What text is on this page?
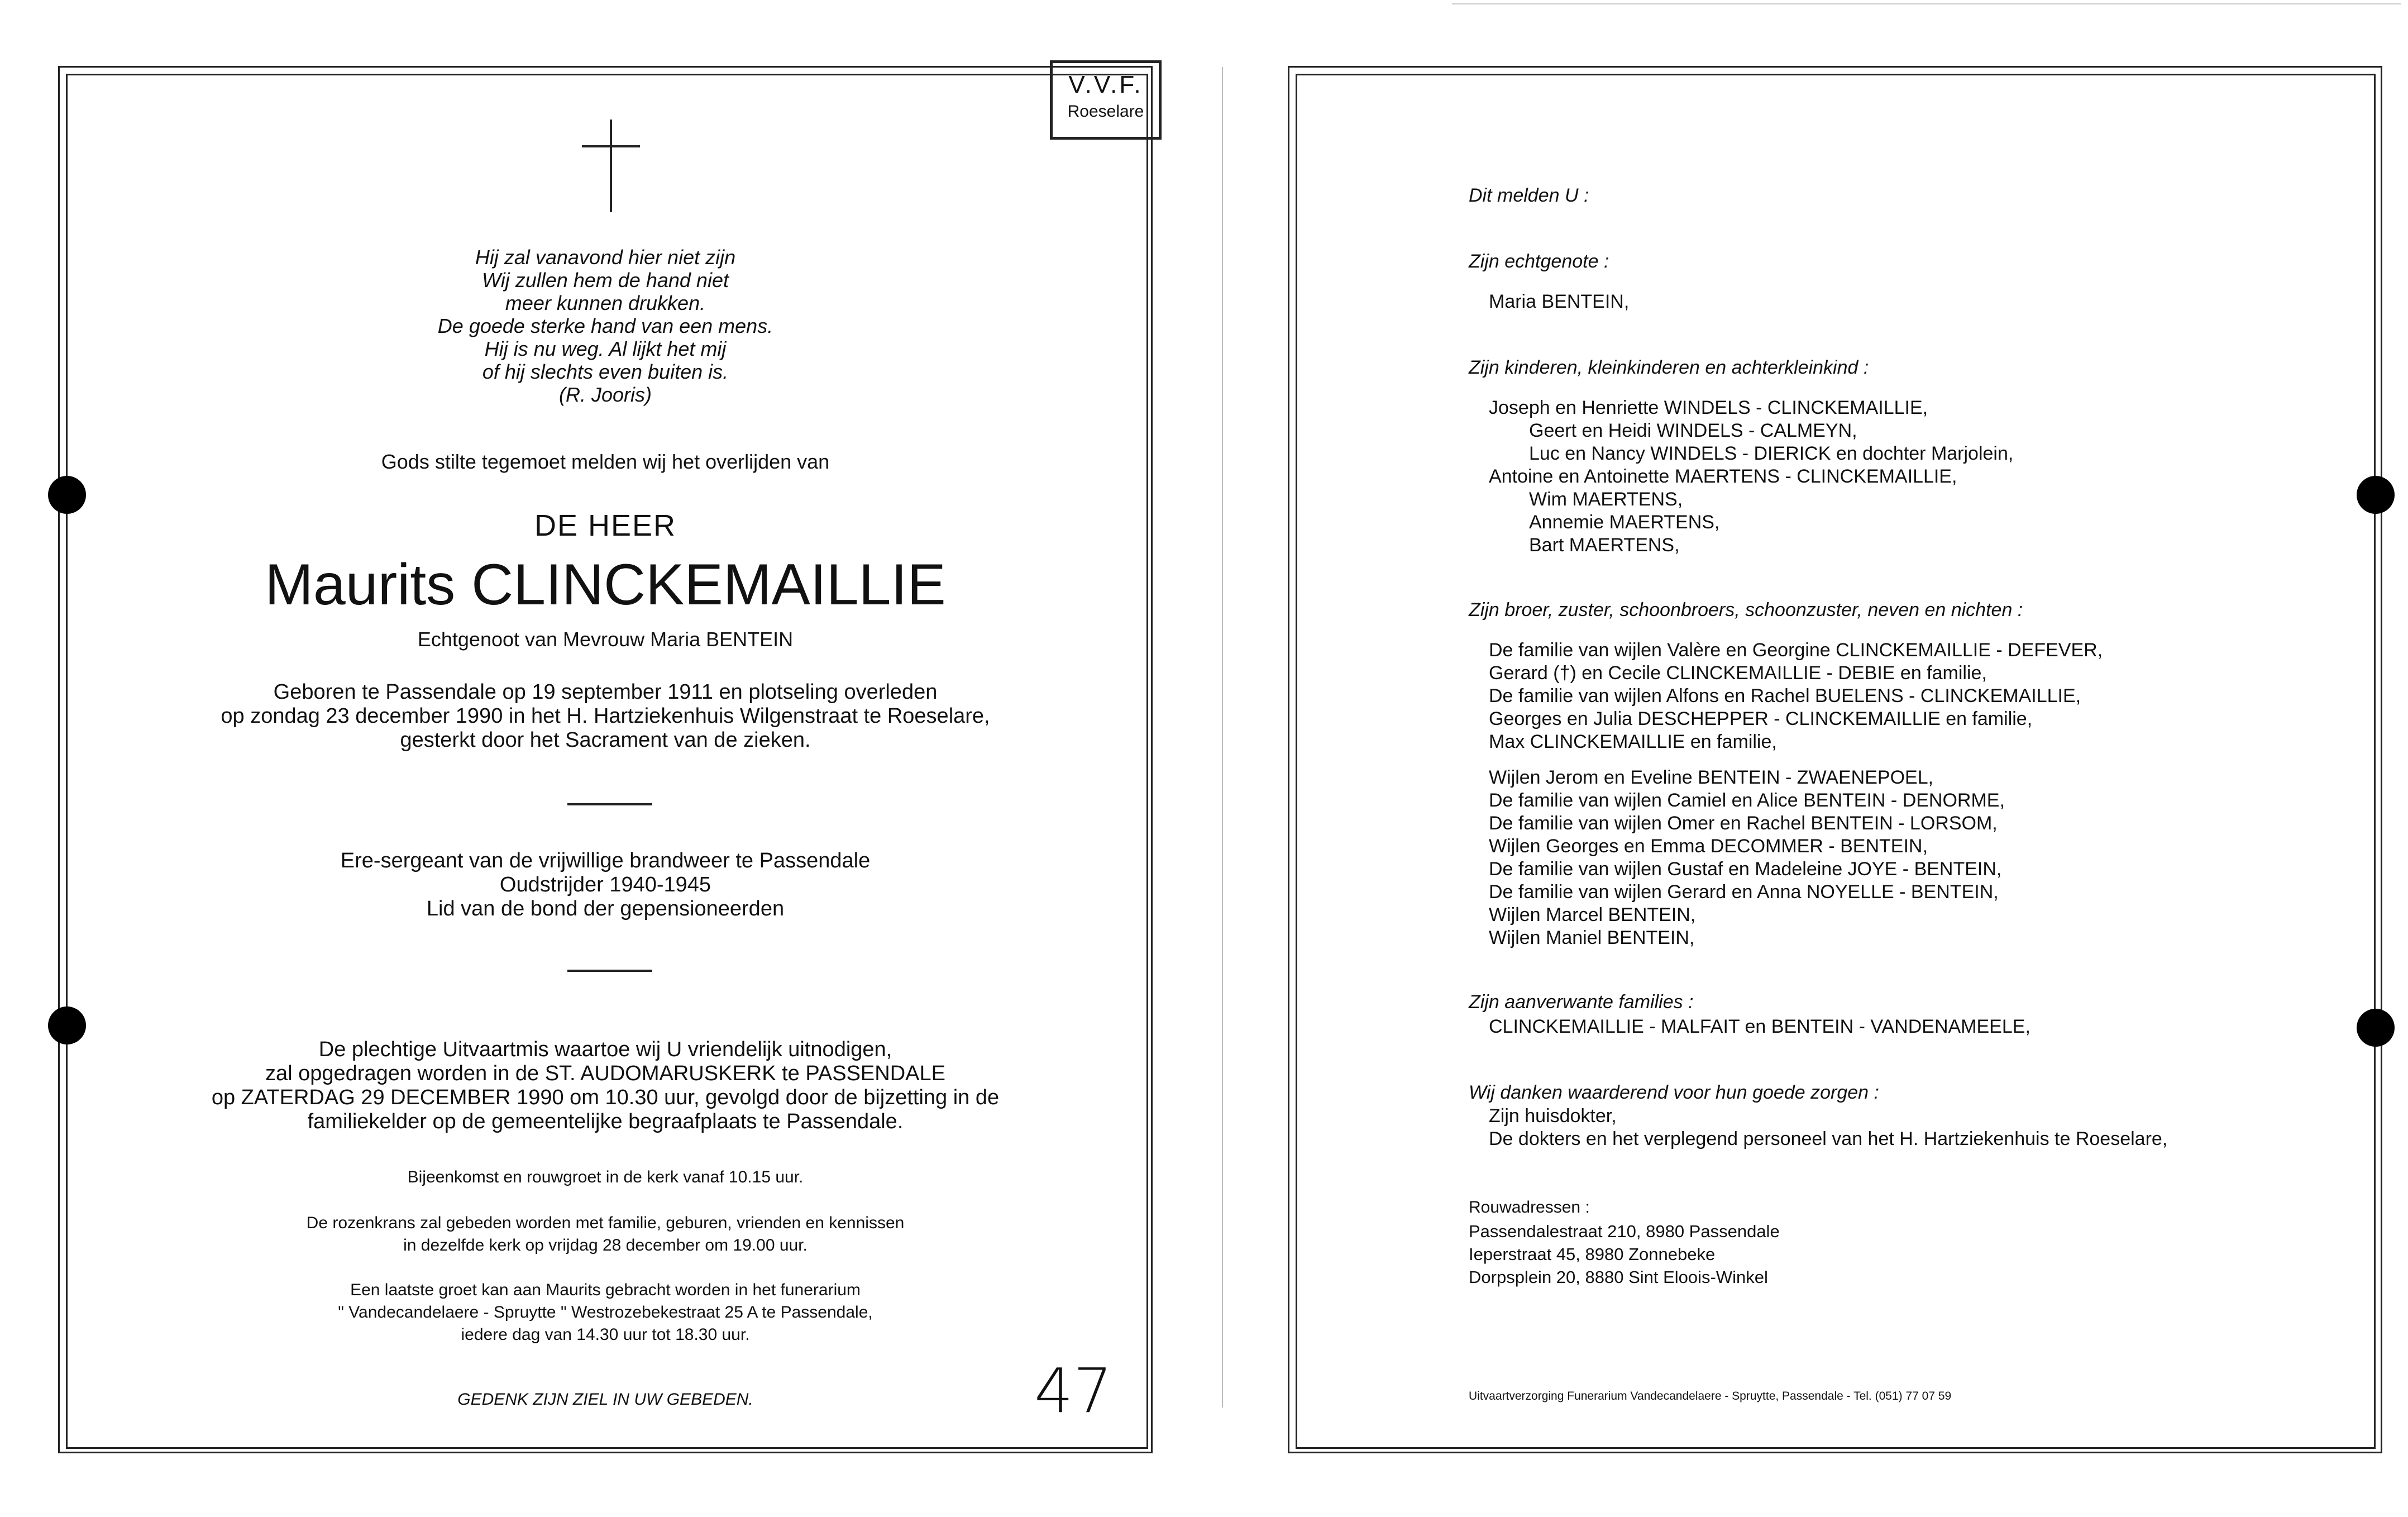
V.V.F.
Roeselare
Hij zal vanavond hier niet zijn
Wij zullen hem de hand niet
meer kunnen drukken.
De goede sterke hand van een mens.
Hij is nu weg. Al lijkt het mij
of hij slechts even buiten is.
(R. Jooris)
Gods stilte tegemoet melden wij het overlijden van
DE HEER
Maurits CLINCKEMAILLIE
Echtgenoot van Mevrouw Maria BENTEIN
Geboren te Passendale op 19 september 1911 en plotseling overleden
op zondag 23 december 1990 in het H. Hartziekenhuis Wilgenstraat te Roeselare,
gesterkt door het Sacrament van de zieken.
Ere-sergeant van de vrijwillige brandweer te Passendale
Oudstrijder 1940-1945
Lid van de bond der gepensioneerden
De plechtige Uitvaartmis waartoe wij U vriendelijk uitnodigen,
zal opgedragen worden in de ST. AUDOMARUSKERK te PASSENDALE
op ZATERDAG 29 DECEMBER 1990 om 10.30 uur, gevolgd door de bijzetting in de
familiekelder op de gemeentelijke begraafplaats te Passendale.
Bijeenkomst en rouwgroet in de kerk vanaf 10.15 uur.
De rozenkrans zal gebeden worden met familie, geburen, vrienden en kennissen
in dezelfde kerk op vrijdag 28 december om 19.00 uur.
Een laatste groet kan aan Maurits gebracht worden in het funerarium
" Vandecandelaere - Spruytte " Westrozebekestraat 25 A te Passendale,
iedere dag van 14.30 uur tot 18.30 uur.
GEDENK ZIJN ZIEL IN UW GEBEDEN.	47
Dit melden U :
Zijn echtgenote :
Maria BENTEIN,
Zijn kinderen, kleinkinderen en achterkleinkind :
Joseph en Henriette WINDELS - CLINCKEMAILLIE,
Geert en Heidi WINDELS - CALMEYN,
Luc en Nancy WINDELS - DIERICK en dochter Marjolein,
Antoine en Antoinette MAERTENS - CLINCKEMAILLIE,
Wim MAERTENS,
Annemie MAERTENS,
Bart MAERTENS,
Zijn broer, zuster, schoonbroers, schoonzuster, neven en nichten :
De familie van wijlen Valère en Georgine CLINCKEMAILLIE - DEFEVER,
Gerard (†) en Cecile CLINCKEMAILLIE - DEBIE en familie,
De familie van wijlen Alfons en Rachel BUELENS - CLINCKEMAILLIE,
Georges en Julia DESCHEPPER - CLINCKEMAILLIE en familie,
Max CLINCKEMAILLIE en familie,
Wijlen Jerom en Eveline BENTEIN - ZWAENEPOEL,
De familie van wijlen Camiel en Alice BENTEIN - DENORME,
De familie van wijlen Omer en Rachel BENTEIN - LORSOM,
Wijlen Georges en Emma DECOMMER - BENTEIN,
De familie van wijlen Gustaf en Madeleine JOYE - BENTEIN,
De familie van wijlen Gerard en Anna NOYELLE - BENTEIN,
Wijlen Marcel BENTEIN,
Wijlen Maniel BENTEIN,
Zijn aanverwante families :
CLINCKEMAILLIE - MALFAIT en BENTEIN - VANDENAMEELE,
Wij danken waarderend voor hun goede zorgen :
Zijn huisdokter,
De dokters en het verplegend personeel van het H. Hartziekenhuis te Roeselare,
Rouwadressen :
Passendalestraat 210, 8980 Passendale
Ieperstraat 45, 8980 Zonnebeke
Dorpsplein 20, 8880 Sint Eloois-Winkel
Uitvaartverzorging Funerarium Vandecandelaere - Spruytte, Passendale - Tel. (051) 77 07 59
